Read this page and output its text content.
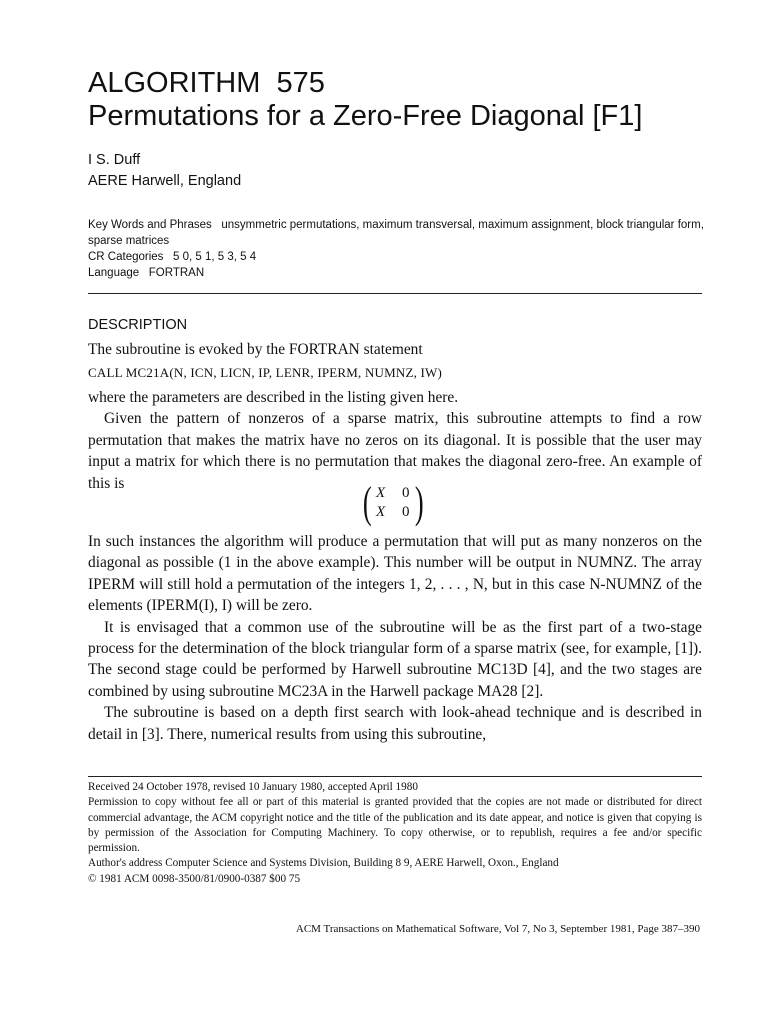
ALGORITHM  575
Permutations for a Zero-Free Diagonal [F1]
I S. Duff
AERE Harwell, England
Key Words and Phrases unsymmetric permutations, maximum transversal, maximum assignment, block triangular form, sparse matrices
CR Categories 5 0, 5 1, 5 3, 5 4
Language FORTRAN
DESCRIPTION
The subroutine is evoked by the FORTRAN statement
CALL MC21A(N, ICN, LICN, IP, LENR, IPERM, NUMNZ, IW)

where the parameters are described in the listing given here.

Given the pattern of nonzeros of a sparse matrix, this subroutine attempts to find a row permutation that makes the matrix have no zeros on its diagonal. It is possible that the user may input a matrix for which there is no permutation that makes the diagonal zero-free. An example of this is	( X 0
X 0 )

In such instances the algorithm will produce a permutation that will put as many nonzeros on the diagonal as possible (1 in the above example). This number will be output in NUMNZ. The array IPERM will still hold a permutation of the integers 1, 2, . . . , N, but in this case N-NUMNZ of the elements (IPERM(I), I) will be zero.

It is envisaged that a common use of the subroutine will be as the first part of a two-stage process for the determination of the block triangular form of a sparse matrix (see, for example, [1]). The second stage could be performed by Harwell subroutine MC13D [4], and the two stages are combined by using subroutine MC23A in the Harwell package MA28 [2].

The subroutine is based on a depth first search with look-ahead technique and is described in detail in [3]. There, numerical results from using this subroutine,

Received 24 October 1978, revised 10 January 1980, accepted April 1980

Permission to copy without fee all or part of this material is granted provided that the copies are not made or distributed for direct commercial advantage, the ACM copyright notice and the title of the publication and its date appear, and notice is given that copying is by permission of the Association for Computing Machinery. To copy otherwise, or to republish, requires a fee and/or specific permission.

Author's address Computer Science and Systems Division, Building 8 9, AERE Harwell, Oxon., England

© 1981 ACM 0098-3500/81/0900-0387 $00 75

ACM Transactions on Mathematical Software, Vol 7, No 3, September 1981, Page 387–390
